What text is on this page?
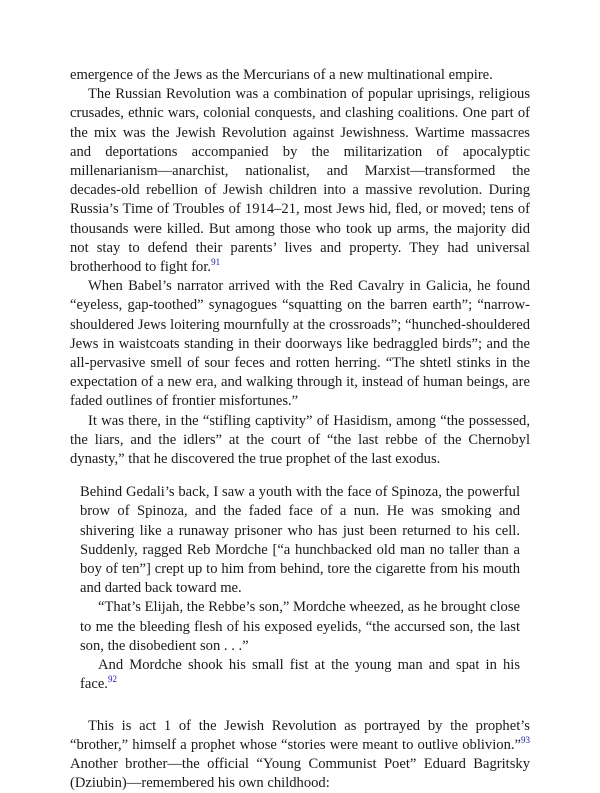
emergence of the Jews as the Mercurians of a new multinational empire.

The Russian Revolution was a combination of popular uprisings, religious crusades, ethnic wars, colonial conquests, and clashing coalitions. One part of the mix was the Jewish Revolution against Jewishness. Wartime massacres and deportations accompanied by the militarization of apocalyptic millenarianism—anarchist, nationalist, and Marxist—transformed the decades-old rebellion of Jewish children into a massive revolution. During Russia’s Time of Troubles of 1914–21, most Jews hid, fled, or moved; tens of thousands were killed. But among those who took up arms, the majority did not stay to defend their parents’ lives and property. They had universal brotherhood to fight for.$^{91}$

When Babel’s narrator arrived with the Red Cavalry in Galicia, he found “eyeless, gap-toothed” synagogues “squatting on the barren earth”; “narrow-shouldered Jews loitering mournfully at the crossroads”; “hunched-shouldered Jews in waistcoats standing in their doorways like bedraggled birds”; and the all-pervasive smell of sour feces and rotten herring. “The shtetl stinks in the expectation of a new era, and walking through it, instead of human beings, are faded outlines of frontier misfortunes.”

It was there, in the “stifling captivity” of Hasidism, among “the possessed, the liars, and the idlers” at the court of “the last rebbe of the Chernobyl dynasty,” that he discovered the true prophet of the last exodus.

Behind Gedali’s back, I saw a youth with the face of Spinoza, the powerful brow of Spinoza, and the faded face of a nun. He was smoking and shivering like a runaway prisoner who has just been returned to his cell. Suddenly, ragged Reb Mordche [“a hunchbacked old man no taller than a boy of ten”] crept up to him from behind, tore the cigarette from his mouth and darted back toward me.

“That’s Elijah, the Rebbe’s son,” Mordche wheezed, as he brought close to me the bleeding flesh of his exposed eyelids, “the accursed son, the last son, the disobedient son . . .”

And Mordche shook his small fist at the young man and spat in his face.$^{92}$

This is act 1 of the Jewish Revolution as portrayed by the prophet’s “brother,” himself a prophet whose “stories were meant to outlive oblivion.”$^{93}$ Another brother—the official “Young Communist Poet” Eduard Bagritsky (Dziubin)—remembered his own childhood:
